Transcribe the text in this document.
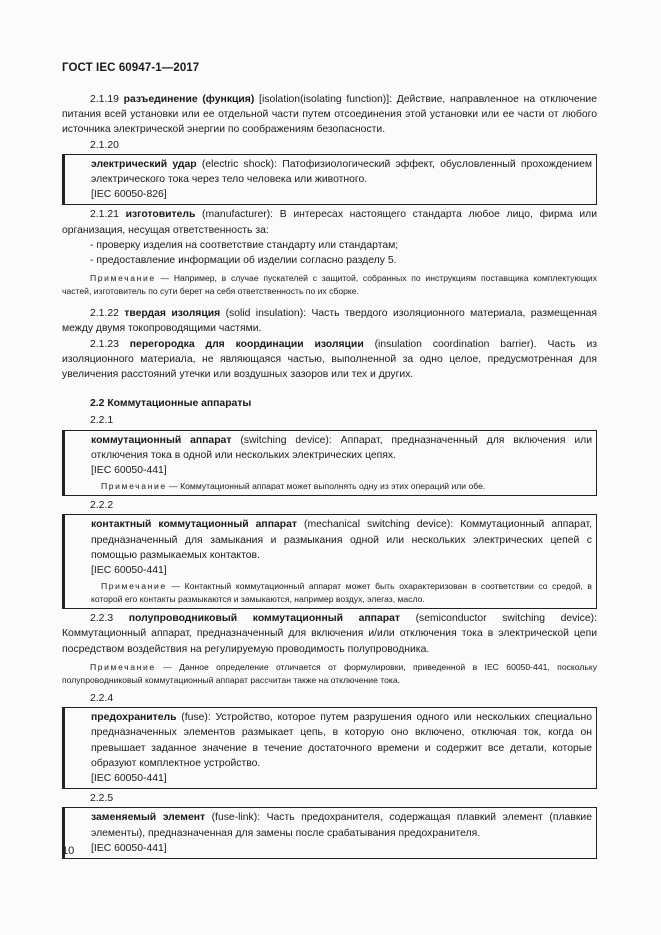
ГОСТ IEC 60947-1—2017

2.1.19 разъединение (функция) [isolation(isolating function)]: Действие, направленное на отключение питания всей установки или ее отдельной части путем отсоединения этой установки или ее части от любого источника электрической энергии по соображениям безопасности.

2.1.20

электрический удар (electric shock): Патофизиологический эффект, обусловленный прохождением электрического тока через тело человека или животного.

[IEC 60050-826]

2.1.21 изготовитель (manufacturer): В интересах настоящего стандарта любое лицо, фирма или организация, несущая ответственность за:

- проверку изделия на соответствие стандарту или стандартам;

- предоставление информации об изделии согласно разделу 5.

Примечание — Например, в случае пускателей с защитой, собранных по инструкциям поставщика комплектующих частей, изготовитель по сути берет на себя ответственность по их сборке.

2.1.22 твердая изоляция (solid insulation): Часть твердого изоляционного материала, размещенная между двумя токопроводящими частями.

2.1.23 перегородка для координации изоляции (insulation coordination barrier). Часть из изоляционного материала, не являющаяся частью, выполненной за одно целое, предусмотренная для увеличения расстояний утечки или воздушных зазоров или тех и других.

2.2 Коммутационные аппараты

2.2.1

коммутационный аппарат (switching device): Аппарат, предназначенный для включения или отключения тока в одной или нескольких электрических цепях.

[IEC 60050-441]

Примечание — Коммутационный аппарат может выполнять одну из этих операций или обе.

2.2.2

контактный коммутационный аппарат (mechanical switching device): Коммутационный аппарат, предназначенный для замыкания и размыкания одной или нескольких электрических цепей с помощью размыкаемых контактов.

[IEC 60050-441]

Примечание — Контактный коммутационный аппарат может быть охарактеризован в соответствии со средой, в которой его контакты размыкаются и замыкаются, например воздух, элегаз, масло.

2.2.3 полупроводниковый коммутационный аппарат (semiconductor switching device): Коммутационный аппарат, предназначенный для включения и/или отключения тока в электрической цепи посредством воздействия на регулируемую проводимость полупроводника.

Примечание — Данное определение отличается от формулировки, приведенной в IEC 60050-441, поскольку полупроводниковый коммутационный аппарат рассчитан также на отключение тока.

2.2.4

предохранитель (fuse): Устройство, которое путем разрушения одного или нескольких специально предназначенных элементов размыкает цепь, в которую оно включено, отключая ток, когда он превышает заданное значение в течение достаточного времени и содержит все детали, которые образуют комплектное устройство.

[IEC 60050-441]

2.2.5

заменяемый элемент (fuse-link): Часть предохранителя, содержащая плавкий элемент (плавкие элементы), предназначенная для замены после срабатывания предохранителя.

[IEC 60050-441]

10
